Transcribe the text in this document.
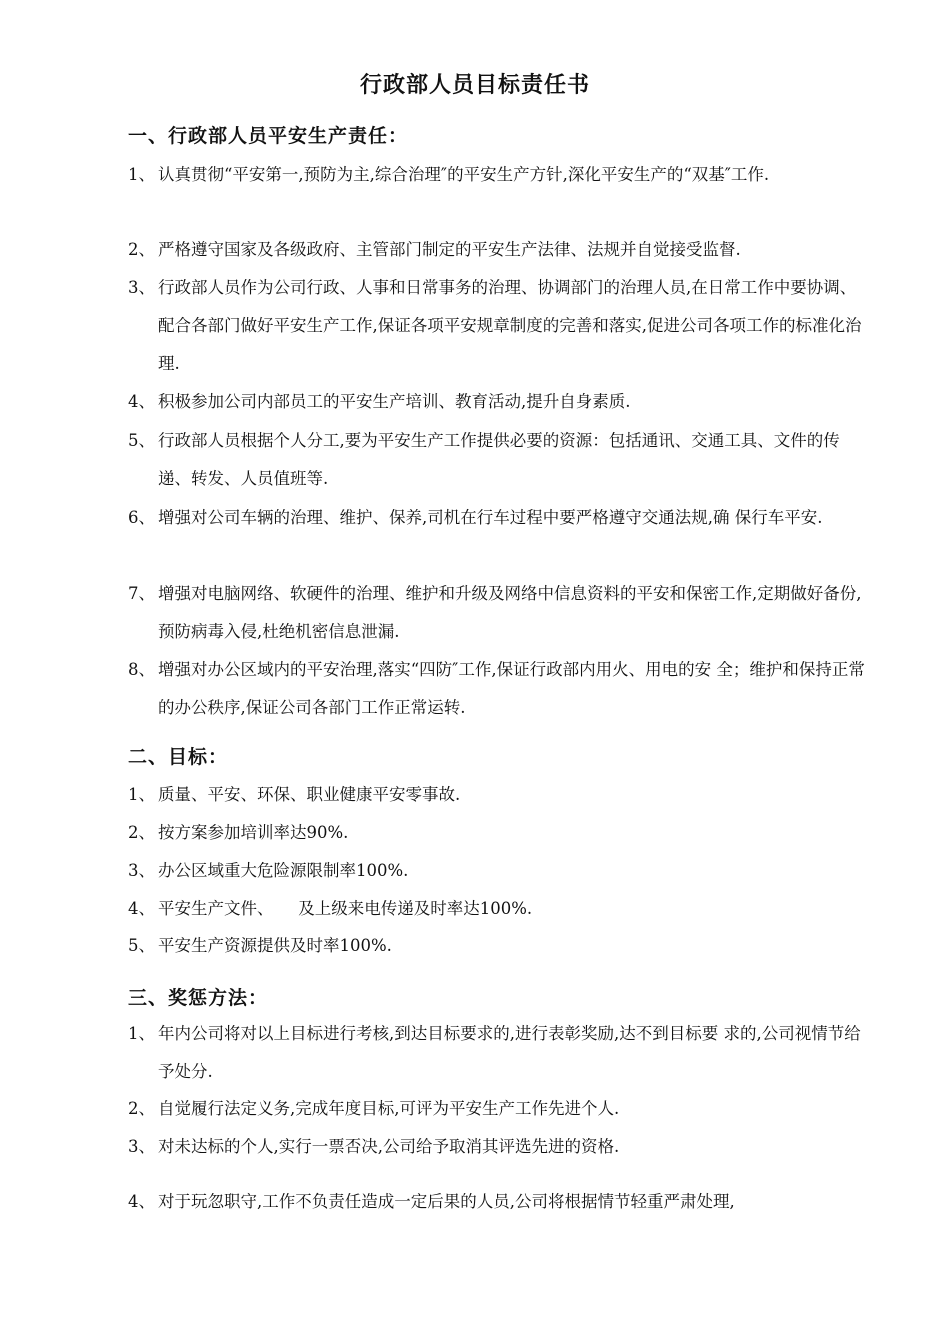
行政部人员目标责任书
一、行政部人员平安生产责任：
1、 认真贯彻“平安第一,预防为主,综合治理″的平安生产方针,深化平安生产的“双基″工作.
2、 严格遵守国家及各级政府、主管部门制定的平安生产法律、法规并自觉接受监督.
3、 行政部人员作为公司行政、人事和日常事务的治理、协调部门的治理人员,在日常工作中要协调、配合各部门做好平安生产工作,保证各项平安规章制度的完善和落实,促进公司各项工作的标准化治理.
4、 积极参加公司内部员工的平安生产培训、教育活动,提升自身素质.
5、 行政部人员根据个人分工,要为平安生产工作提供必要的资源：包括通讯、交通工具、文件的传递、转发、人员值班等.
6、 增强对公司车辆的治理、维护、保养,司机在行车过程中要严格遵守交通法规,确 保行车平安.
7、 增强对电脑网络、软硬件的治理、维护和升级及网络中信息资料的平安和保密工作,定期做好备份,预防病毒入侵,杜绝机密信息泄漏.
8、 增强对办公区域内的平安治理,落实“四防″工作,保证行政部内用火、用电的安 全；维护和保持正常的办公秩序,保证公司各部门工作正常运转.
二、目标：
1、 质量、平安、环保、职业健康平安零事故.
2、 按方案参加培训率达90%.
3、 办公区域重大危险源限制率100%.
4、 平安生产文件、　　及上级来电传递及时率达100%.
5、 平安生产资源提供及时率100%.
三、奖惩方法：
1、 年内公司将对以上目标进行考核,到达目标要求的,进行表彰奖励,达不到目标要 求的,公司视情节给予处分.
2、 自觉履行法定义务,完成年度目标,可评为平安生产工作先进个人.
3、 对未达标的个人,实行一票否决,公司给予取消其评选先进的资格.
4、 对于玩忽职守,工作不负责任造成一定后果的人员,公司将根据情节轻重严肃处理,
